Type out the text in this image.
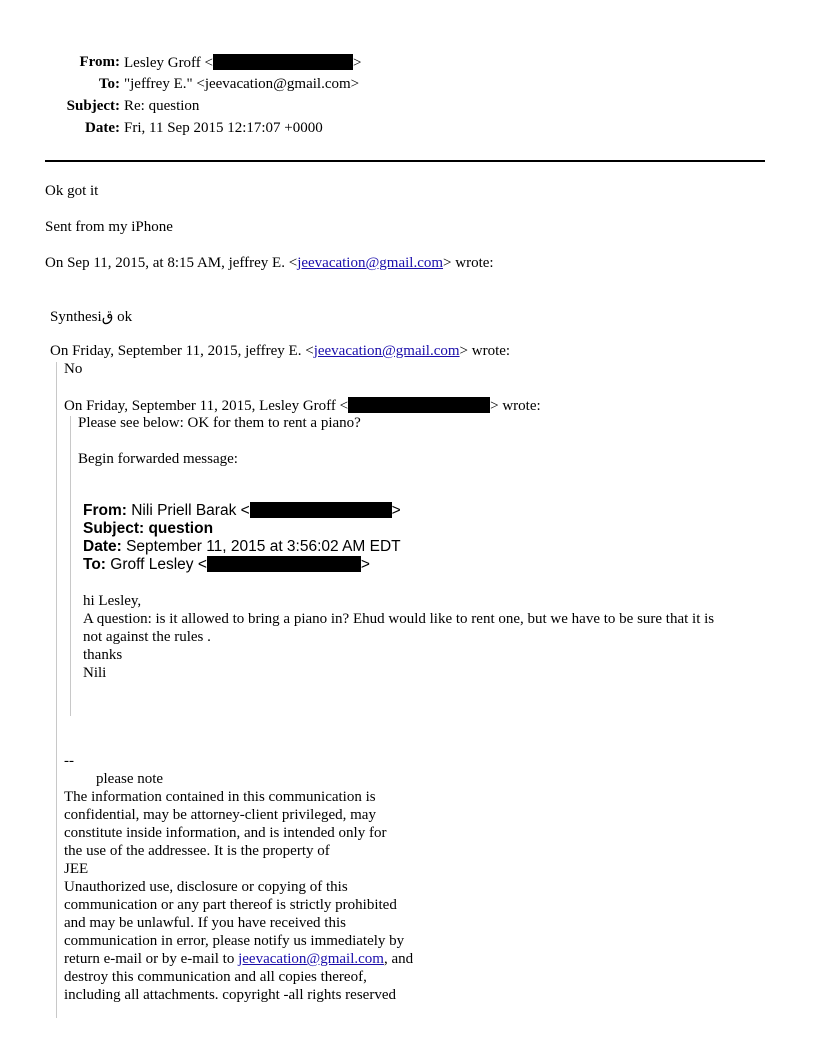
From: Lesley Groff <	>
To: "jeffrey E." <jeevacation@gmail.com>
Subject: Re: question
Date: Fri, 11 Sep 2015 12:17:07 +0000
Ok got it
Sent from my iPhone
On Sep 11, 2015, at 8:15 AM, jeffrey E. <jeevacation@gmail.com> wrote:
Synthesiق ok
On Friday, September 11, 2015, jeffrey E. <jeevacation@gmail.com> wrote:
No
On Friday, September 11, 2015, Lesley Groff <	> wrote:
Please see below: OK for them to rent a piano?
Begin forwarded message:
From: Nili Priell Barak <	>
Subject: question
Date: September 11, 2015 at 3:56:02 AM EDT
To: Groff Lesley <	>
hi Lesley,
A question: is it allowed to bring a piano in? Ehud would like to rent one, but we have to be sure that it is
not against the rules .
thanks
Nili
--
please note
The information contained in this communication is
confidential, may be attorney-client privileged, may
constitute inside information, and is intended only for
the use of the addressee. It is the property of
JEE
Unauthorized use, disclosure or copying of this
communication or any part thereof is strictly prohibited
and may be unlawful. If you have received this
communication in error, please notify us immediately by
return e-mail or by e-mail to jeevacation@gmail.com, and
destroy this communication and all copies thereof,
including all attachments. copyright -all rights reserved
